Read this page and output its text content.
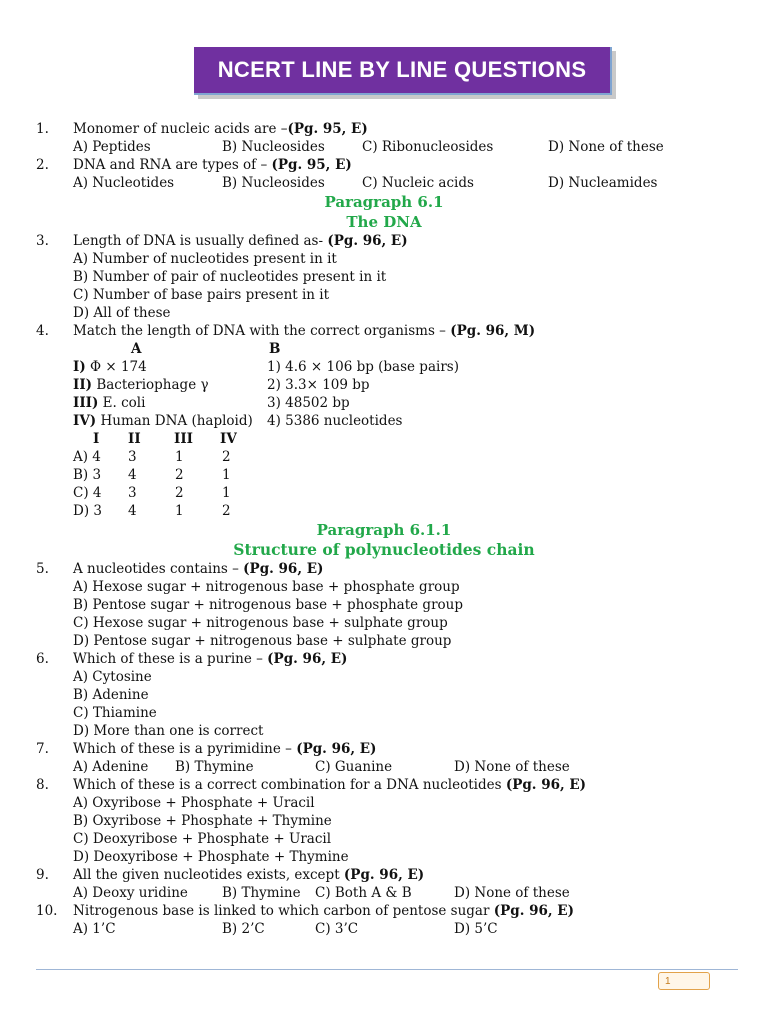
NCERT LINE BY LINE QUESTIONS
1. Monomer of nucleic acids are –(Pg. 95, E)
A) Peptides	B) Nucleosides	C) Ribonucleosides	D) None of these
2. DNA and RNA are types of – (Pg. 95, E)
A) Nucleotides	B) Nucleosides	C) Nucleic acids	D) Nucleamides
Paragraph 6.1
The DNA
3. Length of DNA is usually defined as- (Pg. 96, E)
A) Number of nucleotides present in it
B) Number of pair of nucleotides present in it
C) Number of base pairs present in it
D) All of these
4. Match the length of DNA with the correct organisms – (Pg. 96, M)
A	B
I) Φ × 174	1) 4.6 × 106 bp (base pairs)
II) Bacteriophage γ	2) 3.3× 109 bp
III) E. coli	3) 48502 bp
IV) Human DNA (haploid) 4) 5386 nucleotides
I II III IV
A) 4 3	1	2
B) 3 4	2	1
C) 4 3	2	1
D) 3 4	1	2
Paragraph 6.1.1
Structure of polynucleotides chain
5. A nucleotides contains – (Pg. 96, E)
A) Hexose sugar + nitrogenous base + phosphate group
B) Pentose sugar + nitrogenous base + phosphate group
C) Hexose sugar + nitrogenous base + sulphate group
D) Pentose sugar + nitrogenous base + sulphate group
6. Which of these is a purine – (Pg. 96, E)
A) Cytosine
B) Adenine
C) Thiamine
D) More than one is correct
7. Which of these is a pyrimidine – (Pg. 96, E)
A) Adenine B) Thymine	C) Guanine	D) None of these
8. Which of these is a correct combination for a DNA nucleotides (Pg. 96, E)
A) Oxyribose + Phosphate + Uracil
B) Oxyribose + Phosphate + Thymine
C) Deoxyribose + Phosphate + Uracil
D) Deoxyribose + Phosphate + Thymine
9. All the given nucleotides exists, except (Pg. 96, E)
A) Deoxy uridine	B) Thymine C) Both A & B	D) None of these
10. Nitrogenous base is linked to which carbon of pentose sugar (Pg. 96, E)
A) 1’C	B) 2’C	C) 3’C	D) 5’C
1
